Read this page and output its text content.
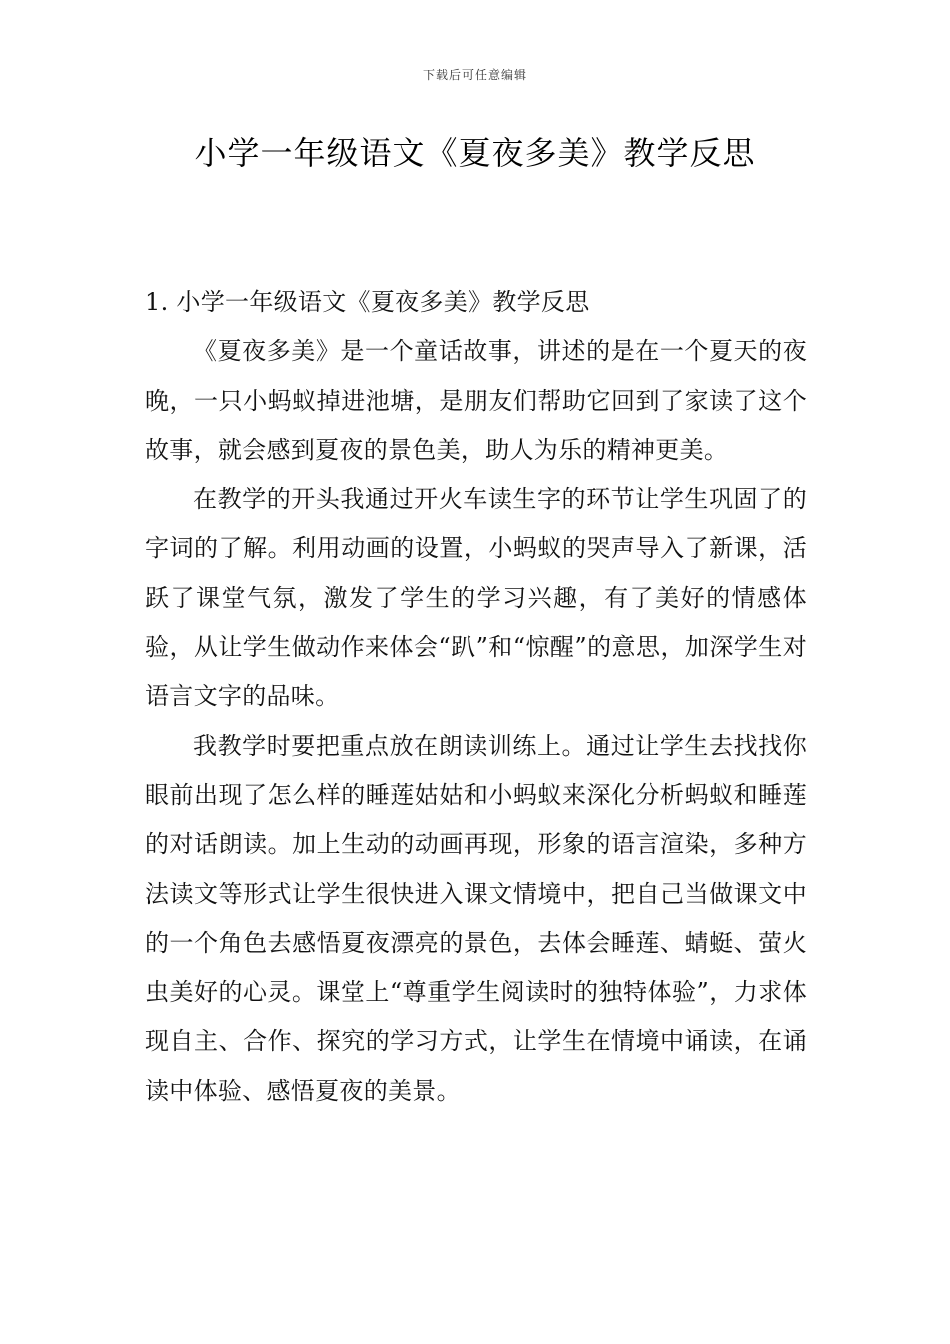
下载后可任意编辑
小学一年级语文《夏夜多美》教学反思

1. 小学一年级语文《夏夜多美》教学反思

《夏夜多美》是一个童话故事，讲述的是在一个夏天的夜晚，一只小蚂蚁掉进池塘，是朋友们帮助它回到了家读了这个故事，就会感到夏夜的景色美，助人为乐的精神更美。

在教学的开头我通过开火车读生字的环节让学生巩固了的字词的了解。利用动画的设置，小蚂蚁的哭声导入了新课，活跃了课堂气氛，激发了学生的学习兴趣，有了美好的情感体验，从让学生做动作来体会“趴”和“惊醒”的意思，加深学生对语言文字的品味。

我教学时要把重点放在朗读训练上。通过让学生去找找你眼前出现了怎么样的睡莲姑姑和小蚂蚁来深化分析蚂蚁和睡莲的对话朗读。加上生动的动画再现，形象的语言渲染，多种方法读文等形式让学生很快进入课文情境中，把自己当做课文中的一个角色去感悟夏夜漂亮的景色，去体会睡莲、蜻蜓、萤火虫美好的心灵。课堂上“尊重学生阅读时的独特体验”，力求体现自主、合作、探究的学习方式，让学生在情境中诵读，在诵读中体验、感悟夏夜的美景。
